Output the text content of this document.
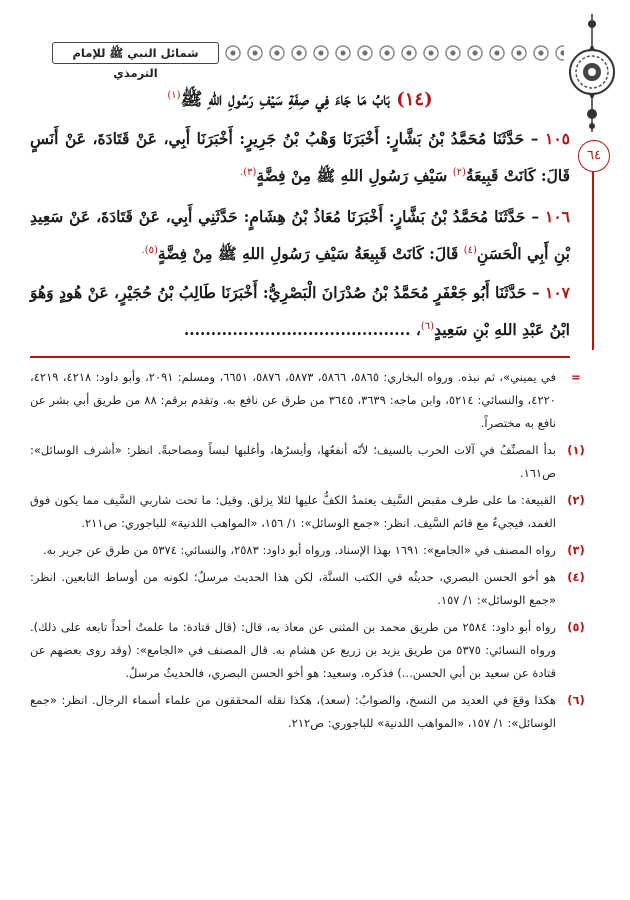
شمائل النبي ﷺ للإمام الترمذي
٦٤
(١٤) بَابُ مَا جَاءَ فِي صِفَةِ سَيْفِ رَسُولِ اللهِ ﷺ$^{(١)}$
١٠٥ – حَدَّثَنَا مُحَمَّدُ بْنُ بَشَّارٍ: أَخْبَرَنَا وَهْبُ بْنُ جَرِيرٍ: أَخْبَرَنَا أَبِي، عَنْ قَتَادَةَ، عَنْ أَنَسٍ قَالَ: كَانَتْ قَبِيعَةُ$^{(٢)}$ سَيْفِ رَسُولِ اللهِ ﷺ مِنْ فِضَّةٍ$^{(٣).}$
١٠٦ – حَدَّثَنَا مُحَمَّدُ بْنُ بَشَّارٍ: أَخْبَرَنَا مُعَاذُ بْنُ هِشَامٍ: حَدَّثَنِي أَبِي، عَنْ قَتَادَةَ، عَنْ سَعِيدِ بْنِ أَبِي الْحَسَنِ$^{(٤)}$ قَالَ: كَانَتْ قَبِيعَةُ سَيْفِ رَسُولِ اللهِ ﷺ مِنْ فِضَّةٍ$^{(٥).}$
١٠٧ – حَدَّثَنَا أَبُو جَعْفَرٍ مُحَمَّدُ بْنُ صُدْرَانَ الْبَصْرِيُّ: أَخْبَرَنَا طَالِبُ بْنُ حُجَيْرٍ، عَنْ هُودٍ وَهُوَ ابْنُ عَبْدِ اللهِ بْنِ سَعِيدٍ$^{(٦)}$، ..........................................
=
في يميني»، ثم نبذه. ورواه البخاري: ٥٨٦٥، ٥٨٦٦، ٥٨٧٣، ٥٨٧٦، ٦٦٥١، ومسلم: ٢٠٩١، وأبو داود: ٤٢١٨، ٤٢١٩، ٤٢٢٠، والنسائي: ٥٢١٤، وابن ماجه: ٣٦٣٩، ٣٦٤٥ من طرق عن نافع به. وتقدم برقم: ٨٨ من طريق أبي بشر عن نافع به مختصراً.
(١)
بدأ المصنِّفُ في آلات الحرب بالسيف؛ لأنّه أنفعُها، وأيسرُها، وأغلبها لبساً ومصاحبةً. انظر: «أشرف الوسائل»: ص١٦١.
(٢)
القبيعة: ما على طرف مقبض السَّيف يعتمدُ الكفُّ عليها لئلا يزلق. وقيل: ما تحت شاربي السَّيف مما يكون فوق الغمد، فيجيءُ مع قائم السَّيف. انظر: «جمع الوسائل»: ١/ ١٥٦، «المواهب اللدنية» للباجوري: ص٢١١.
(٣)
رواه المصنف في «الجامع»: ١٦٩١ بهذا الإسناد. ورواه أبو داود: ٢٥٨٣، والنسائي: ٥٣٧٤ من طرق عن جرير به.
(٤)
هو أخو الحسن البصري، حديثُه في الكتب الستَّة، لكن هذا الحديث مرسلٌ؛ لكونه من أوساط التابعين. انظر: «جمع الوسائل»: ١/ ١٥٧.
(٥)
رواه أبو داود: ٢٥٨٤ من طريق محمد بن المثنى عن معاذ به، قال: (قال قتادة: ما علمتُ أحداً تابعه على ذلك). ورواه النسائي: ٥٣٧٥ من طريق يزيد بن زريع عن هشام به. قال المصنف في «الجامع»: (وقد روى بعضهم عن قتادة عن سعيد بن أبي الحسن...) فذكره. وسعيد: هو أخو الحسن البصري، فالحديثُ مرسلٌ.
(٦)
هكذا وقعَ في العديد من النسخ، والصوابُ: (سعد)، هكذا نقله المحققون من علماء أسماء الرجال. انظر: «جمع الوسائل»: ١/ ١٥٧، «المواهب اللدنية» للباجوري: ص٢١٢.
